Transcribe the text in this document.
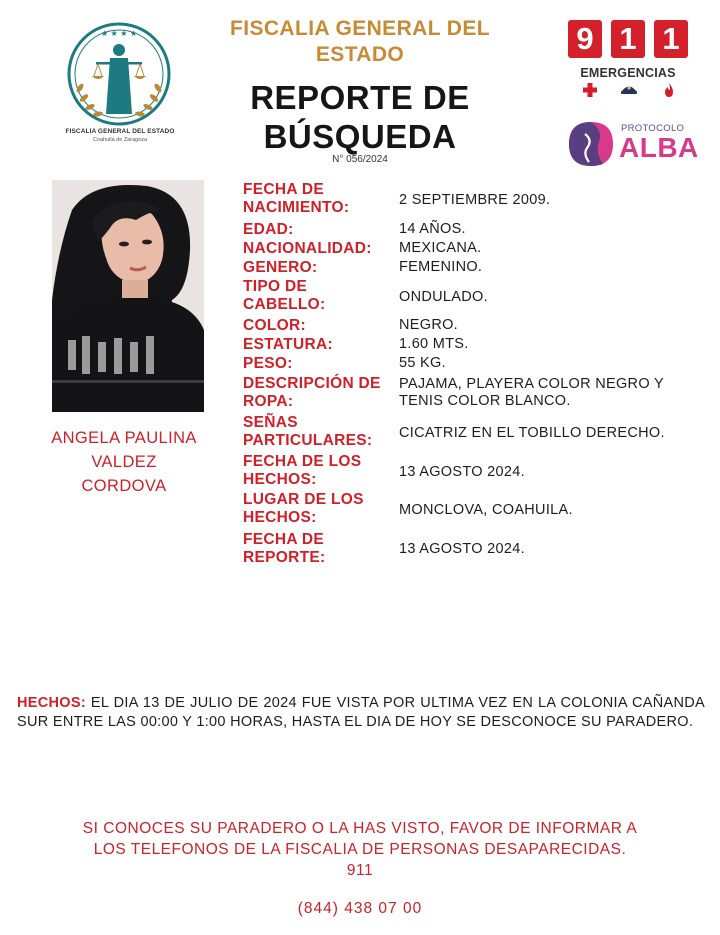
★ ★ ★ ★
FISCALIA GENERAL DEL ESTADO
Coahuila de Zaragoza
FISCALIA GENERAL DEL
ESTADO
REPORTE DE
BÚSQUEDA
N° 056/2024
9 1 1
EMERGENCIAS
PROTOCOLO
ALBA
ANGELA PAULINA
VALDEZ
CORDOVA
FECHA DE
NACIMIENTO:	2 SEPTIEMBRE 2009.
EDAD:	14 AÑOS.
NACIONALIDAD: MEXICANA.
GENERO:	FEMENINO.
TIPO DE
CABELLO:	ONDULADO.
COLOR:	NEGRO.
ESTATURA:	1.60 MTS.
PESO:	55 KG.
DESCRIPCIÓN DE
ROPA:
PAJAMA, PLAYERA COLOR NEGRO Y
TENIS COLOR BLANCO.
SEÑAS
PARTICULARES: CICATRIZ EN EL TOBILLO DERECHO.
FECHA DE LOS
HECHOS:	13 AGOSTO 2024.
LUGAR DE LOS
HECHOS:	MONCLOVA, COAHUILA.
FECHA DE
REPORTE:	13 AGOSTO 2024.
HECHOS: EL DIA 13 DE JULIO DE 2024 FUE VISTA POR ULTIMA VEZ EN LA COLONIA CAÑANDA SUR ENTRE LAS 00:00 Y 1:00 HORAS, HASTA EL DIA DE HOY SE DESCONOCE SU PARADERO.
SI CONOCES SU PARADERO O LA HAS VISTO, FAVOR DE INFORMAR A
LOS TELEFONOS DE LA FISCALIA DE PERSONAS DESAPARECIDAS.
911
(844) 438 07 00
